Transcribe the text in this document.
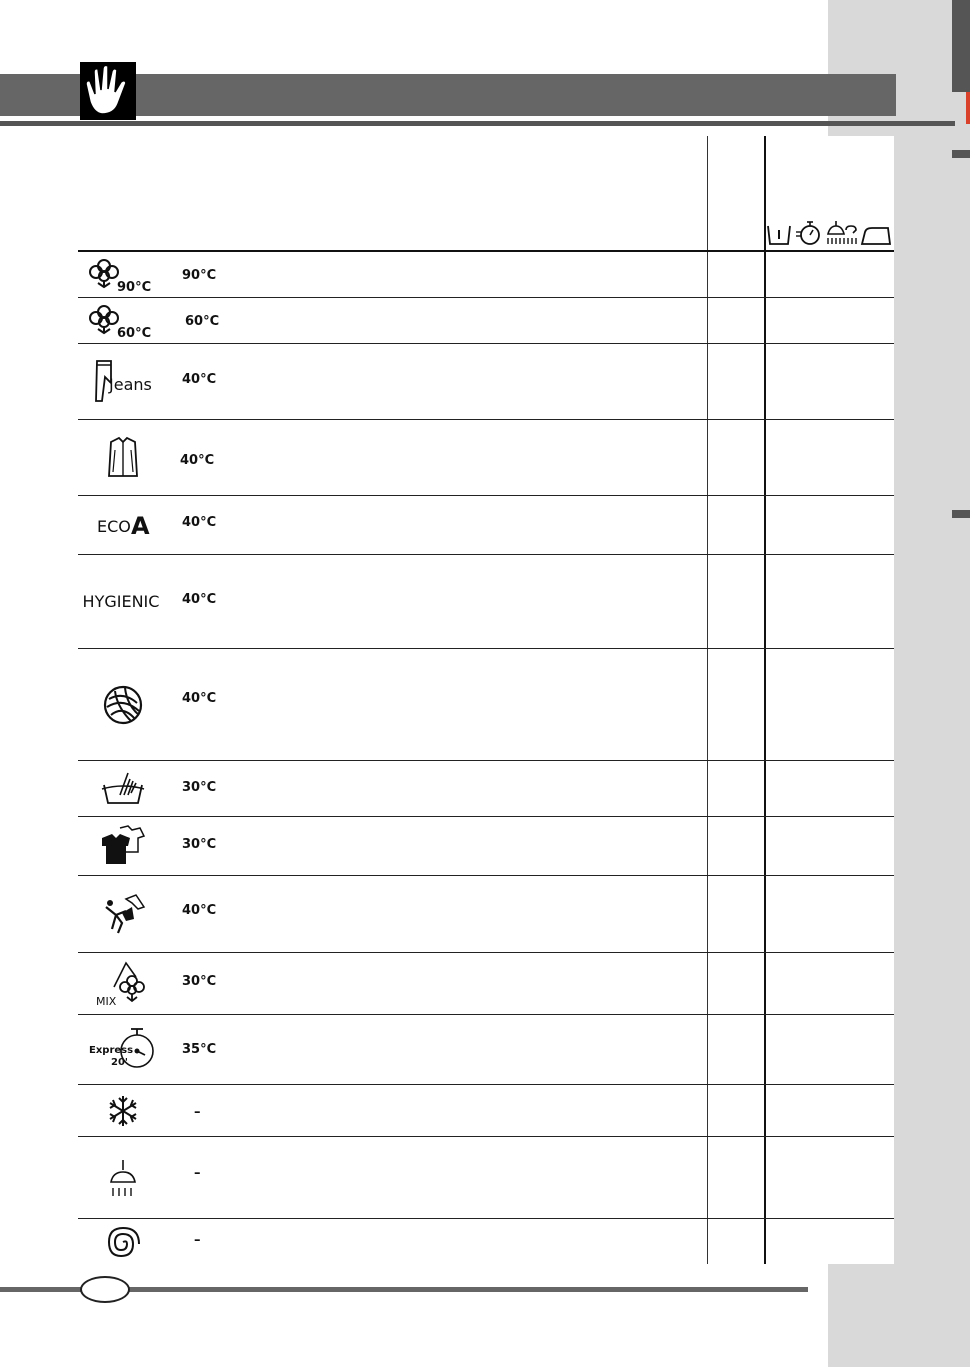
90°C
90°C
60°C
60°C
Jeans 40°C
40°C
ECO A 40°C
HYGIENIC 40°C
40°C
30°C
30°C
40°C
MIX
30°C
Express
20'
35°C
–
–
–
